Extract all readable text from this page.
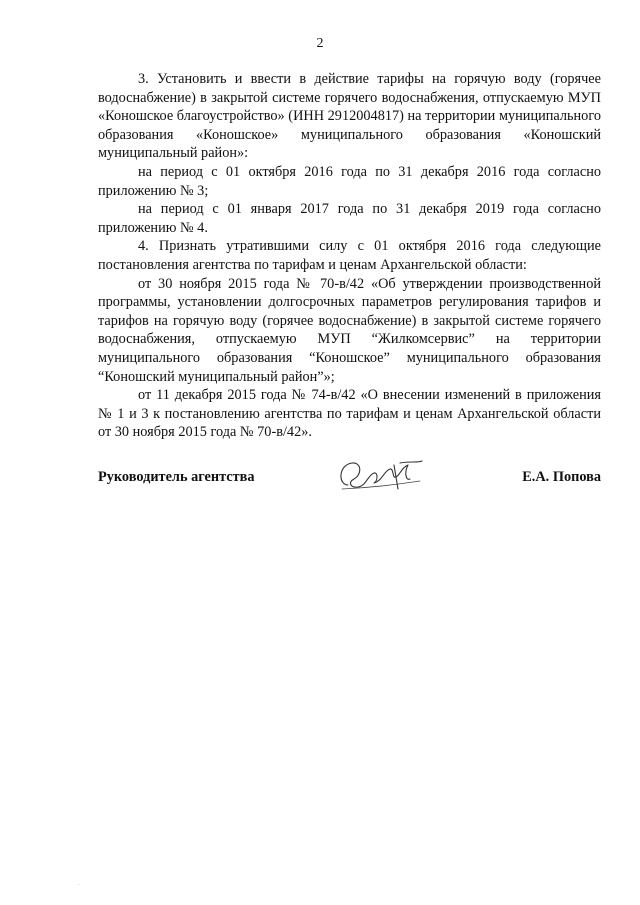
2

3. Установить и ввести в действие тарифы на горячую воду (горячее водоснабжение) в закрытой системе горячего водоснабжения, отпускаемую МУП «Коношское благоустройство» (ИНН 2912004817) на территории муниципального образования «Коношское» муниципального образования «Коношский муниципальный район»:

на период с 01 октября 2016 года по 31 декабря 2016 года согласно приложению № 3;

на период с 01 января 2017 года по 31 декабря 2019 года согласно приложению № 4.

4. Признать утратившими силу с 01 октября 2016 года следующие постановления агентства по тарифам и ценам Архангельской области:

от 30 ноября 2015 года № 70-в/42 «Об утверждении производственной программы, установлении долгосрочных параметров регулирования тарифов и тарифов на горячую воду (горячее водоснабжение) в закрытой системе горячего водоснабжения, отпускаемую МУП “Жилкомсервис” на территории муниципального образования “Коношское” муниципального образования “Коношский муниципальный район”»;

от 11 декабря 2015 года № 74-в/42 «О внесении изменений в приложения № 1 и 3 к постановлению агентства по тарифам и ценам Архангельской области от 30 ноября 2015 года № 70-в/42».

Руководитель агентства	Е.А. Попова
.
